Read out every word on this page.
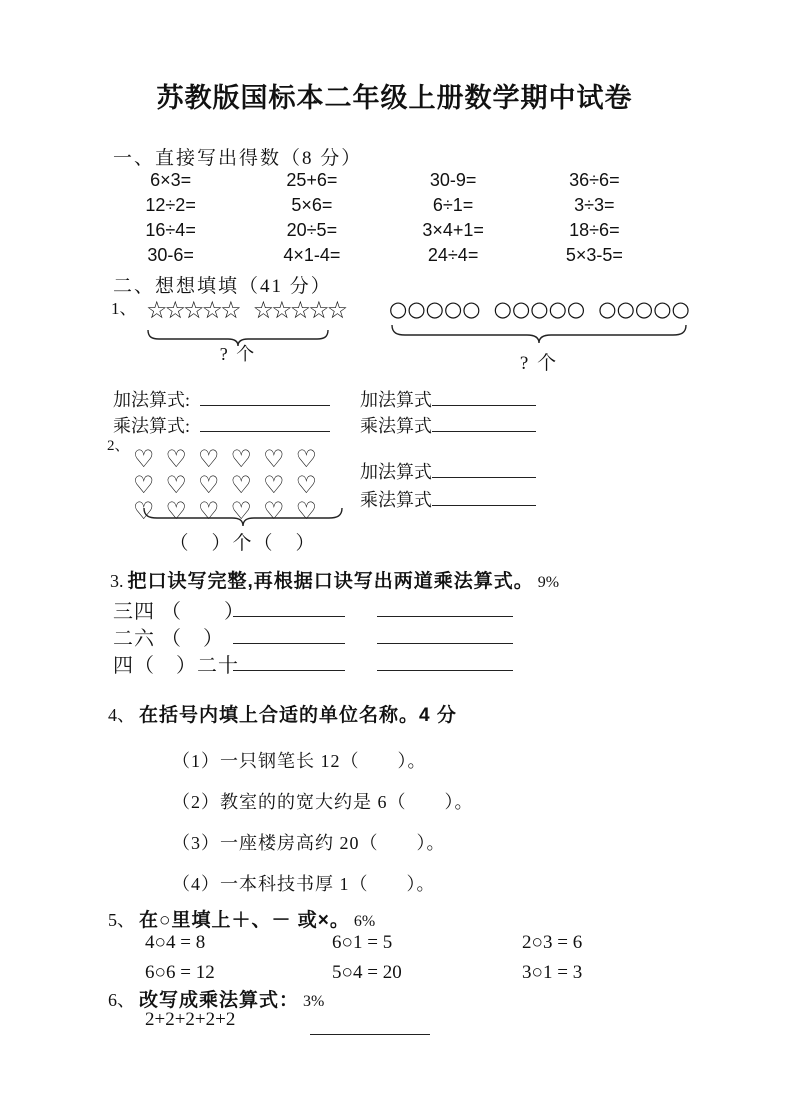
苏教版国标本二年级上册数学期中试卷
一、直接写出得数（8 分）
6×3=	25+6=	30-9=	36÷6=
12÷2=	5×6=	6÷1=	3÷3=
16÷4=	20÷5=	3×4+1=	18÷6=
30-6=	4×1-4=	24÷4=	5×3-5=
二、想想填填（41 分）
1、 ☆☆☆☆☆ ☆☆☆☆☆
? 个
○○○○○ ○○○○○ ○○○○○
? 个
加法算式:
乘法算式:
加法算式
乘法算式
2、 ♡♡♡♡♡♡
♡♡♡♡♡♡
♡♡♡♡♡♡
（　）个（　）
加法算式
乘法算式
3. 把口诀写完整,再根据口诀写出两道乘法算式。 9%
三四 （　　）
二六 （　）
四（　）二十
4、 在括号内填上合适的单位名称。4 分
（1）一只钢笔长 12（　　）。
（2）教室的的宽大约是 6（　　）。
（3）一座楼房高约 20（　　）。
（4）一本科技书厚 1（　　）。
5、 在○里填上＋、－ 或×。 6%
4○4 = 8	6○1 = 5	2○3 = 6
6○6 = 12	5○4 = 20	3○1 = 3
6、 改写成乘法算式： 3%
2+2+2+2+2
